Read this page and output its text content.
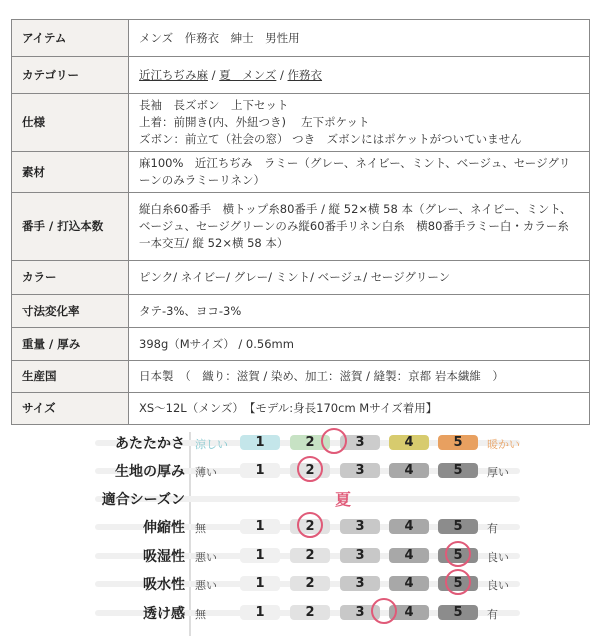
アイテム	メンズ　作務衣　紳士　男性用

カテゴリー	近江ちぢみ麻 / 夏　メンズ / 作務衣
仕様	長袖　長ズボン　上下セット
上着：前開き(内、外紐つき)　 左下ポケット
ズボン：前立て（社会の窓） つき　ズボンにはポケットがついていません

素材	麻100%　近江ちぢみ　ラミー（グレー、ネイビー、ミント、ベージュ、セージグリーンのみラミーリネン）

番手 / 打込本数	縦白糸60番手　横トップ糸80番手 / 縦 52×横 58 本（グレー、ネイビー、ミント、ベージュ、セージグリーンのみ縦60番手リネン白糸　横80番手ラミー白・カラー糸一本交互/ 縦 52×横 58 本）

カラー	ピンク/ ネイビー/ グレー/ ミント/ ベージュ/ セージグリーン

寸法変化率	タテ-3%、ヨコ-3%

重量 / 厚み	398g（Mサイズ） / 0.56mm

生産国	日本製　（　織り：滋賀 / 染め、加工：滋賀 / 縫製：京都 岩本繊維　）

サイズ	XS～12L（メンズ）　【モデル:身長170cm Mサイズ着用】
あたたかさ 涼しい	1	2	3	4	5	暖かい
生地の厚み 薄い	1	2	3	4	5	厚い
適合シーズン	夏
伸縮性 無	1	2	3	4	5	有
吸湿性 悪い	1	2	3	4	5	良い
吸水性 悪い	1	2	3	4	5	良い
透け感 無	1	2	3	4	5	有
